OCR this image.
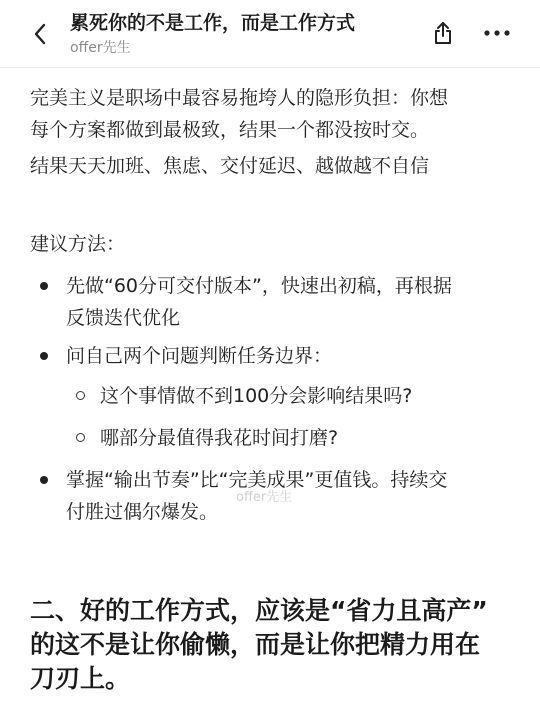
累死你的不是工作，而是工作方式
offer先生
完美主义是职场中最容易拖垮人的隐形负担：你想
每个方案都做到最极致，结果一个都没按时交。
结果天天加班、焦虑、交付延迟、越做越不自信
建议方法：
先做“60分可交付版本”，快速出初稿，再根据
反馈迭代优化
问自己两个问题判断任务边界：
这个事情做不到100分会影响结果吗?
哪部分最值得我花时间打磨?
掌握“输出节奏”比“完美成果”更值钱。持续交
付胜过偶尔爆发。
二、好的工作方式，应该是“省力且高产”
的这不是让你偷懒，而是让你把精力用在
刀刃上。
offer先生
